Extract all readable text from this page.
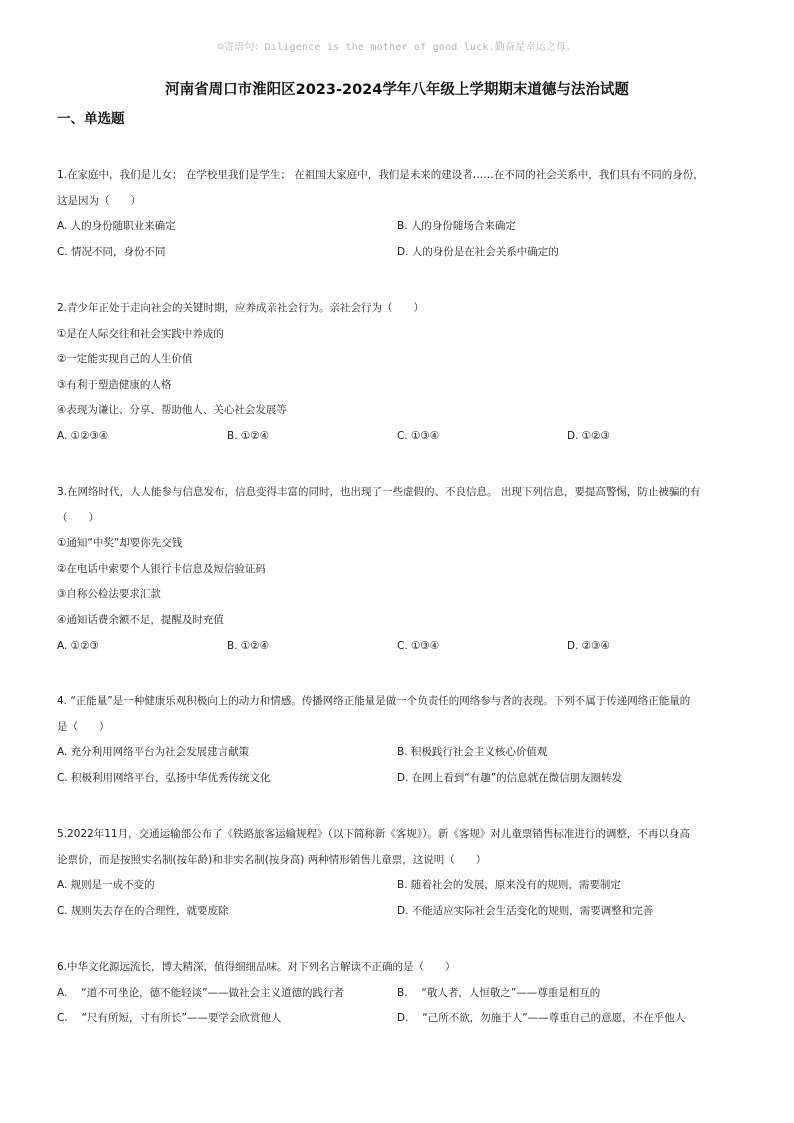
☺寄语句：Diligence is the mother of good luck.勤奋是幸运之母。
河南省周口市淮阳区2023-2024学年八年级上学期期末道德与法治试题
一、单选题
1.在家庭中，我们是儿女； 在学校里我们是学生； 在祖国大家庭中，我们是未来的建设者……在不同的社会关系中，我们具有不同的身份，
这是因为（　　）
A. 人的身份随职业来确定	B. 人的身份随场合来确定
C. 情况不同，身份不同	D. 人的身份是在社会关系中确定的
2.青少年正处于走向社会的关键时期，应养成亲社会行为。亲社会行为（　　）
①是在人际交往和社会实践中养成的
②一定能实现自己的人生价值
③有利于塑造健康的人格
④表现为谦让、分享、帮助他人、关心社会发展等
A. ①②③④	B. ①②④	C. ①③④	D. ①②③
3.在网络时代，人人能参与信息发布，信息变得丰富的同时，也出现了一些虚假的、不良信息。 出现下列信息，要提高警惕，防止被骗的有
（　　）
①通知“中奖”却要你先交钱
②在电话中索要个人银行卡信息及短信验证码
③自称公检法要求汇款
④通知话费余额不足，提醒及时充值
A. ①②③	B. ①②④	C. ①③④	D. ②③④
4. “正能量”是一种健康乐观积极向上的动力和情感。传播网络正能量是做一个负责任的网络参与者的表现。下列不属于传递网络正能量的
是（　　）
A. 充分利用网络平台为社会发展建言献策	B. 积极践行社会主义核心价值观
C. 积极利用网络平台，弘扬中华优秀传统文化	D. 在网上看到“有趣”的信息就在微信朋友圈转发
5.2022年11月，交通运输部公布了《铁路旅客运输规程》（以下简称新《客规》）。新《客规》对儿童票销售标准进行的调整，不再以身高
论票价，而是按照实名制(按年龄)和非实名制(按身高) 两种情形销售儿童票，这说明（　　）
A. 规则是一成不变的	B. 随着社会的发展，原来没有的规则，需要制定
C. 规则失去存在的合理性，就要废除	D. 不能适应实际社会生活变化的规则，需要调整和完善
6.中华文化源远流长，博大精深，值得细细品味。对下列名言解读不正确的是（　　）
A. 　“道不可坐论，德不能轻谈”——做社会主义道德的践行者	B. 　“敬人者，人恒敬之”——尊重是相互的
C. 　“尺有所短，寸有所长”——要学会欣赏他人	D. 　“己所不欲，勿施于人”——尊重自己的意愿，不在乎他人
